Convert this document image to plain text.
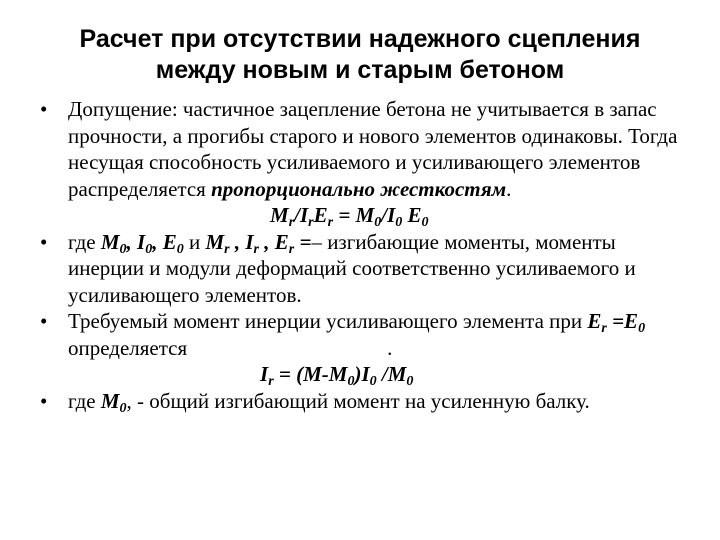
Расчет при отсутствии надежного сцепления
между новым и старым бетоном
• Допущение: частичное зацепление бетона не учитывается в запас прочности, а прогибы старого и нового элементов одинаковы. Тогда несущая способность усиливаемого и усиливающего элементов распределяется пропорционально жесткостям.
$M_r/I_rE_r = M_0/I_0$ $E_0$
• где $M_0$, $I_0$, $E_0$ и $M_r$ , $I_r$ , $E_r$ =– изгибающие моменты, моменты инерции и модули деформаций соответственно усиливаемого и усиливающего элементов.
• Требуемый момент инерции усиливающего элемента при $E_r =E_0$ определяется	.
$I_r = (M-M_0)I_0$ $/M_0$
• где $M_0$, - общий изгибающий момент на усиленную балку.
